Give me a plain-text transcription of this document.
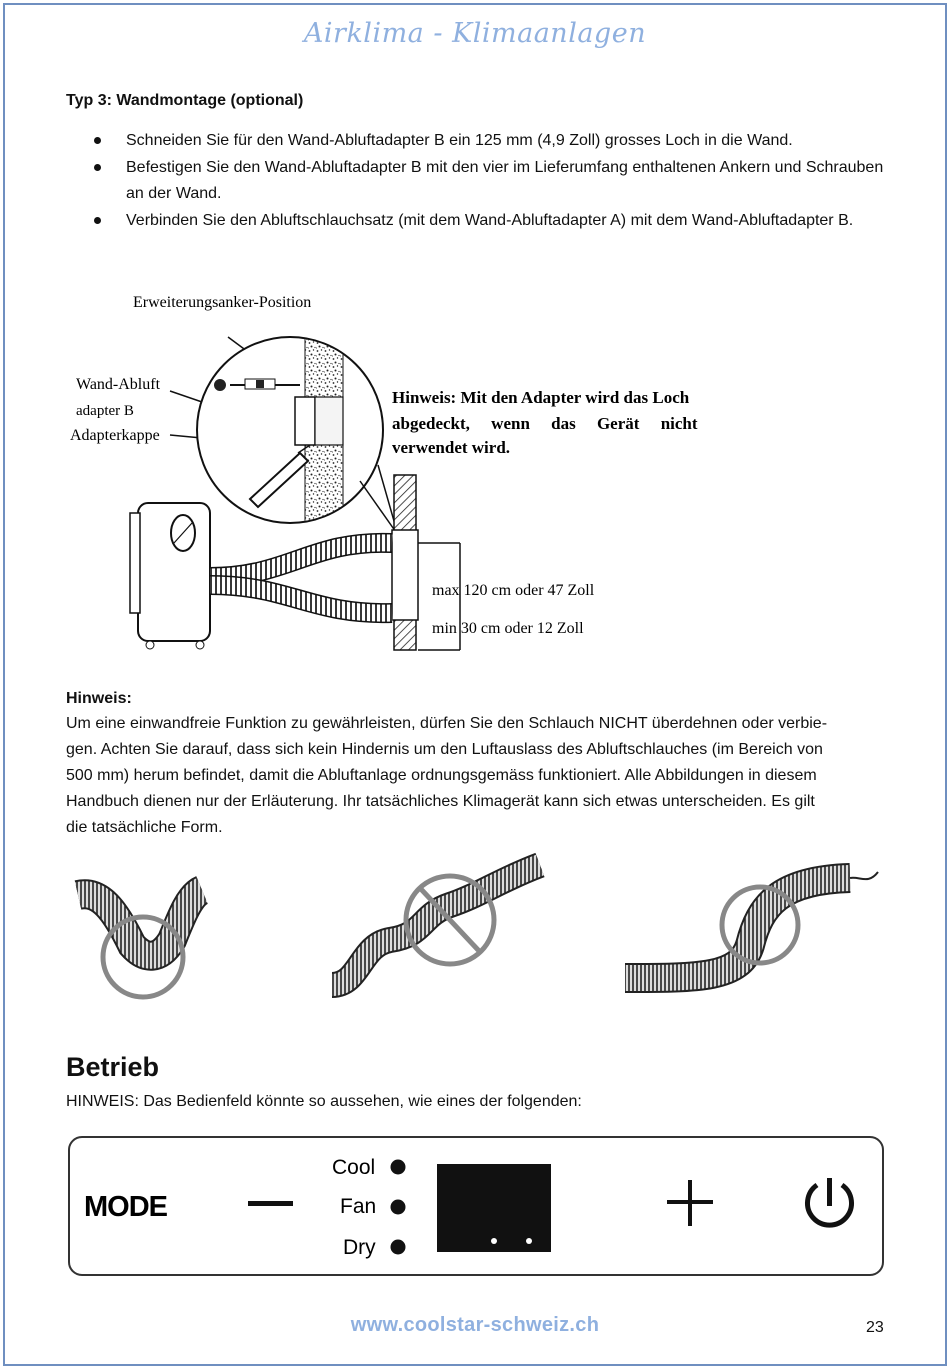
Airklima - Klimaanlagen
Typ 3: Wandmontage (optional)
Schneiden Sie für den Wand-Abluftadapter B ein 125 mm (4,9 Zoll) grosses Loch in die Wand.
Befestigen Sie den Wand-Abluftadapter B mit den vier im Lieferumfang enthaltenen Ankern und Schrauben an der Wand.
Verbinden Sie den Abluftschlauchsatz (mit dem Wand-Abluftadapter A) mit dem Wand-Abluftadapter B.
Erweiterungsanker-Position
Wand-Abluft
adapter B
Adapterkappe
Hinweis: Mit den Adapter wird das Loch
abgedeckt,     wenn     das     Gerät     nicht
verwendet wird.
max 120 cm oder 47 Zoll
min 30 cm oder 12 Zoll
Hinweis:
Um eine einwandfreie Funktion zu gewährleisten, dürfen Sie den Schlauch NICHT überdehnen oder verbie-
gen. Achten Sie darauf, dass sich kein Hindernis um den Luftauslass des Abluftschlauches (im Bereich von
500 mm) herum befindet, damit die Abluftanlage ordnungsgemäss funktioniert. Alle Abbildungen in diesem
Handbuch dienen nur der Erläuterung. Ihr tatsächliches Klimagerät kann sich etwas unterscheiden. Es gilt
die tatsächliche Form.
Betrieb
HINWEIS: Das Bedienfeld könnte so aussehen, wie eines der folgenden:
MODE
Cool
Fan
Dry
www.coolstar-schweiz.ch	23
